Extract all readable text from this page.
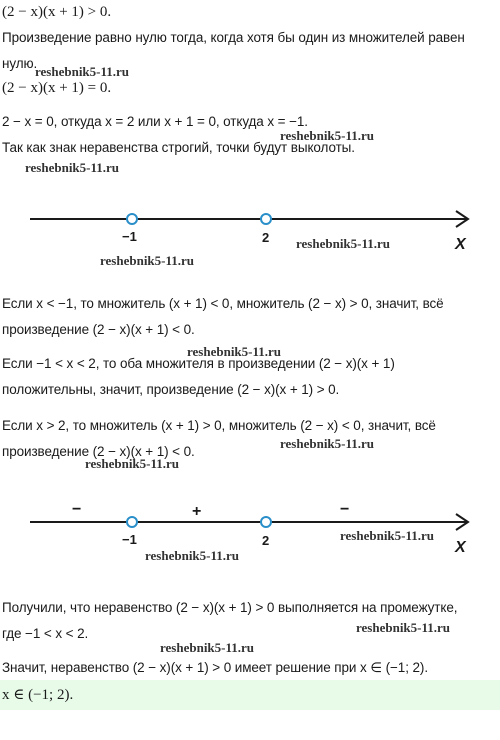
(2 − x)(x + 1) > 0.
Произведение равно нулю тогда, когда хотя бы один из множителей равен
нулю.
(2 − x)(x + 1) = 0.
2 − x = 0, откуда x = 2 или x + 1 = 0, откуда x = −1.
Так как знак неравенства строгий, точки будут выколоты.
Если x < −1, то множитель (x + 1) < 0, множитель (2 − x) > 0, значит, всё
произведение (2 − x)(x + 1) < 0.
Если −1 < x < 2, то оба множителя в произведении (2 − x)(x + 1)
положительны, значит, произведение (2 − x)(x + 1) > 0.
Если x > 2, то множитель (x + 1) > 0, множитель (2 − x) < 0, значит, всё
произведение (2 − x)(x + 1) < 0.
Получили, что неравенство (2 − x)(x + 1) > 0 выполняется на промежутке,
где −1 < x < 2.
Значит, неравенство (2 − x)(x + 1) > 0 имеет решение при x ∈ (−1; 2).
x ∈ (−1; 2).
−1	2	X
−	+	−
−1	2	X
reshebnik5-11.ru
reshebnik5-11.ru
reshebnik5-11.ru
reshebnik5-11.ru
reshebnik5-11.ru
reshebnik5-11.ru
reshebnik5-11.ru
reshebnik5-11.ru
reshebnik5-11.ru
reshebnik5-11.ru
reshebnik5-11.ru
reshebnik5-11.ru
